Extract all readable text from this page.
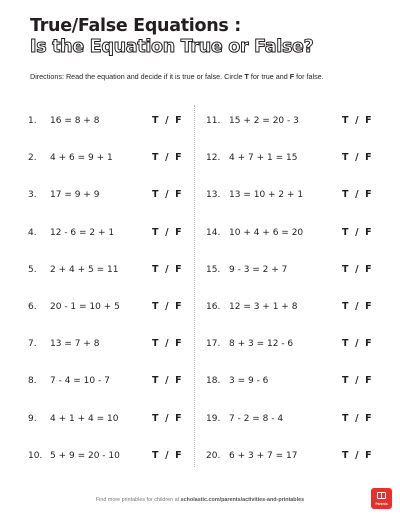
True/False Equations :
Is the Equation True or False?
Directions: Read the equation and decide if it is true or false. Circle T for true and F for false.
1. 16 = 8 + 8	T  /  F
2. 4 + 6 = 9 + 1	T  /  F
3. 17 = 9 + 9	T  /  F
4. 12 - 6 = 2 + 1	T  /  F
5. 2 + 4 + 5 = 11	T  /  F
6. 20 - 1 = 10 + 5	T  /  F
7. 13 = 7 + 8	T  /  F
8. 7 - 4 = 10 - 7	T  /  F
9. 4 + 1 + 4 = 10	T  /  F
10. 5 + 9 = 20 - 10	T  /  F
11. 15 + 2 = 20 - 3	T  /  F
12. 4 + 7 + 1 = 15	T  /  F
13. 13 = 10 + 2 + 1	T  /  F
14. 10 + 4 + 6 = 20	T  /  F
15. 9 - 3 = 2 + 7	T  /  F
16. 12 = 3 + 1 + 8	T  /  F
17. 8 + 3 = 12 - 6	T  /  F
18. 3 = 9 - 6	T  /  F
19. 7 - 2 = 8 - 4	T  /  F
20. 6 + 3 + 7 = 17	T  /  F
Find more printables for children at scholastic.com/parents/activities-and-printables
Parents
